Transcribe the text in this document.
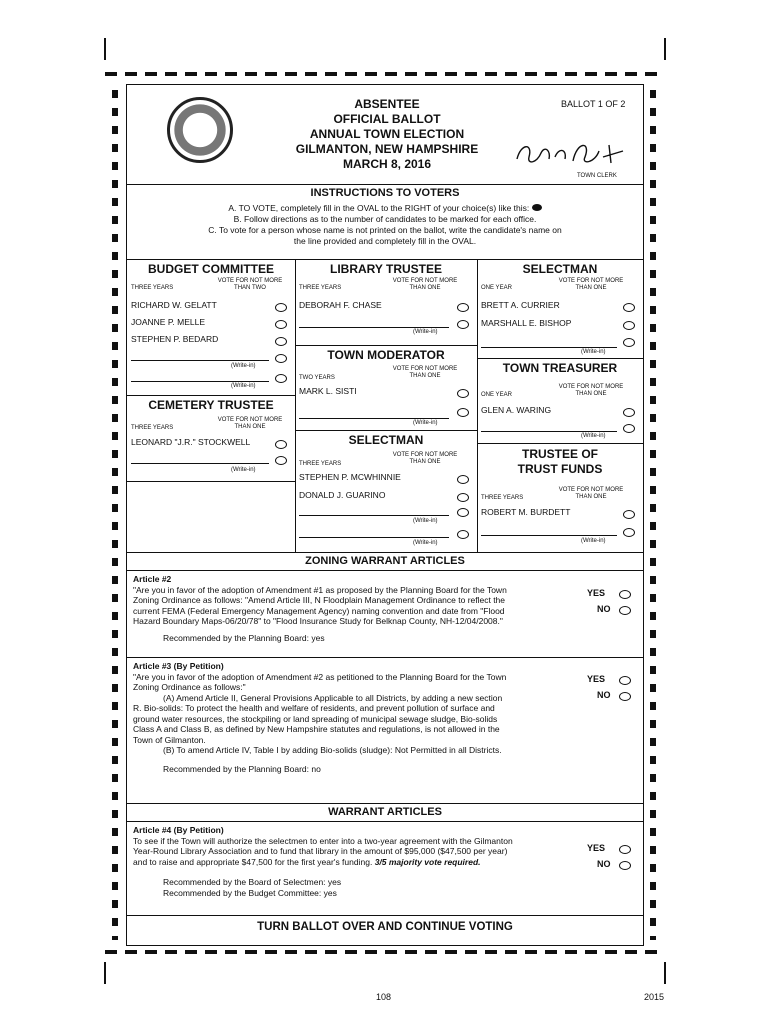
ABSENTEE
OFFICIAL BALLOT
ANNUAL TOWN ELECTION
GILMANTON, NEW HAMPSHIRE
MARCH 8, 2016
BALLOT 1 OF 2
TOWN CLERK
INSTRUCTIONS TO VOTERS
A. TO VOTE, completely fill in the OVAL to the RIGHT of your choice(s) like this:
B. Follow directions as to the number of candidates to be marked for each office.
C. To vote for a person whose name is not printed on the ballot, write the candidate's name on
the line provided and completely fill in the OVAL.
BUDGET COMMITTEE
THREE YEARS
VOTE FOR NOT MORE THAN TWO
RICHARD W. GELATT
JOANNE P. MELLE
STEPHEN P. BEDARD
(Write-in)
(Write-in)
CEMETERY TRUSTEE
THREE YEARS
VOTE FOR NOT MORE THAN ONE
LEONARD "J.R." STOCKWELL
(Write-in)
LIBRARY TRUSTEE
THREE YEARS
VOTE FOR NOT MORE THAN ONE
DEBORAH F. CHASE
(Write-in)
TOWN MODERATOR
TWO YEARS
VOTE FOR NOT MORE THAN ONE
MARK L. SISTI
(Write-in)
SELECTMAN
THREE YEARS
VOTE FOR NOT MORE THAN ONE
STEPHEN P. MCWHINNIE
DONALD J. GUARINO
(Write-in)
(Write-in)
SELECTMAN
ONE YEAR
VOTE FOR NOT MORE THAN ONE
BRETT A. CURRIER
MARSHALL E. BISHOP
(Write-in)
TOWN TREASURER
ONE YEAR
VOTE FOR NOT MORE THAN ONE
GLEN A. WARING
(Write-in)
TRUSTEE OF
TRUST FUNDS
THREE YEARS
VOTE FOR NOT MORE THAN ONE
ROBERT M. BURDETT
(Write-in)
ZONING WARRANT ARTICLES
Article #2
"Are you in favor of the adoption of Amendment #1 as proposed by the Planning Board for the Town
Zoning Ordinance as follows: "Amend Article III, N Floodplain Management Ordinance to reflect the
current FEMA (Federal Emergency Management Agency) naming convention and date from "Flood
Hazard Boundary Maps-06/20/78" to "Flood Insurance Study for Belknap County, NH-12/04/2008."
Recommended by the Planning Board: yes
YES
NO
Article #3 (By Petition)
"Are you in favor of the adoption of Amendment #2 as petitioned to the Planning Board for the Town
Zoning Ordinance as follows:"
(A) Amend Article II, General Provisions Applicable to all Districts, by adding a new section
R. Bio-solids: To protect the health and welfare of residents, and prevent pollution of surface and
ground water resources, the stockpiling or land spreading of municipal sewage sludge, Bio-solids
Class A and Class B, as defined by New Hampshire statutes and regulations, is not allowed in the
Town of Gilmanton.
(B) To amend Article IV, Table I by adding Bio-solids (sludge): Not Permitted in all Districts.
Recommended by the Planning Board: no
YES
NO
WARRANT ARTICLES
Article #4 (By Petition)
To see if the Town will authorize the selectmen to enter into a two-year agreement with the Gilmanton
Year-Round Library Association and to fund that library in the amount of $95,000 ($47,500 per year)
and to raise and appropriate $47,500 for the first year's funding. 3/5 majority vote required.
Recommended by the Board of Selectmen: yes
Recommended by the Budget Committee: yes
YES
NO
TURN BALLOT OVER AND CONTINUE VOTING
108	2015
